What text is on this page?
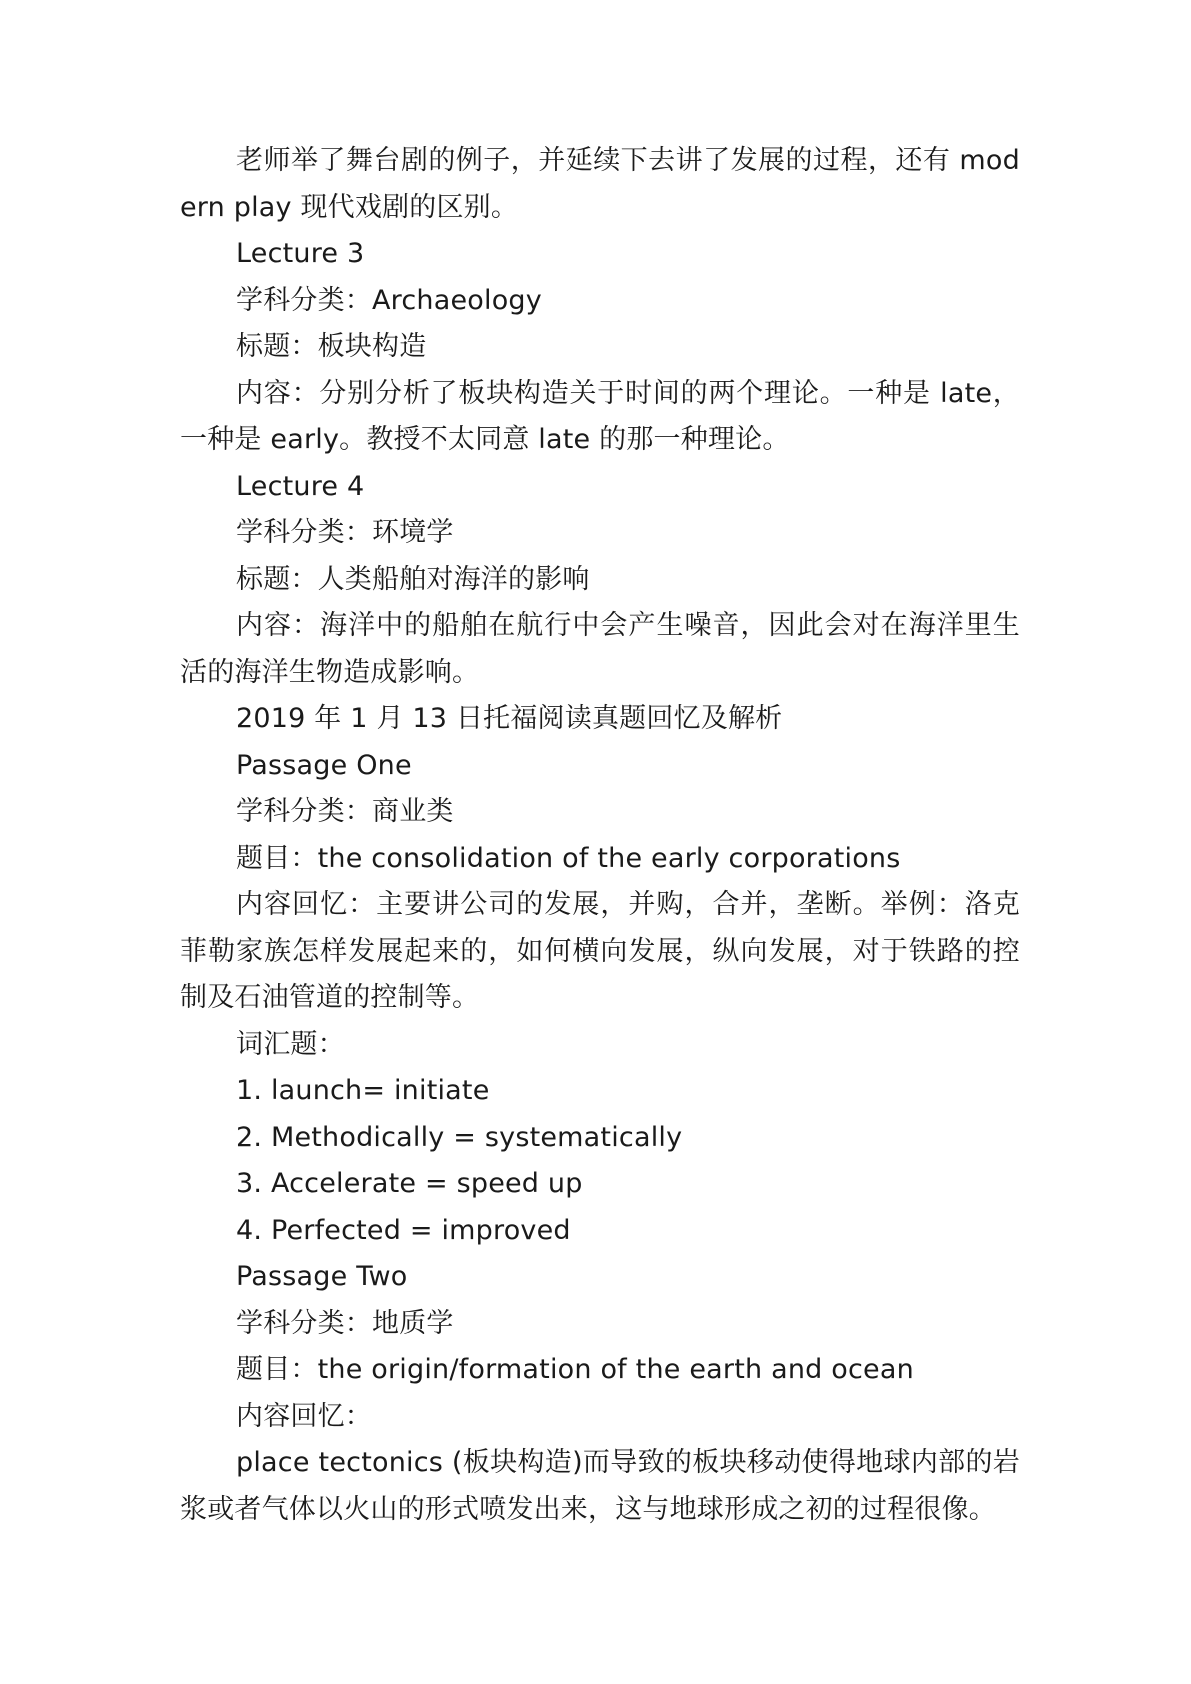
老师举了舞台剧的例子，并延续下去讲了发展的过程，还有 modern play 现代戏剧的区别。

Lecture 3

学科分类：Archaeology

标题：板块构造

内容：分别分析了板块构造关于时间的两个理论。一种是 late，一种是 early。教授不太同意 late 的那一种理论。

Lecture 4

学科分类：环境学

标题：人类船舶对海洋的影响

内容：海洋中的船舶在航行中会产生噪音，因此会对在海洋里生活的海洋生物造成影响。

2019 年 1 月 13 日托福阅读真题回忆及解析

Passage One

学科分类：商业类

题目：the consolidation of the early corporations

内容回忆：主要讲公司的发展，并购，合并，垄断。举例：洛克菲勒家族怎样发展起来的，如何横向发展，纵向发展，对于铁路的控制及石油管道的控制等。

词汇题：

1. launch= initiate

2. Methodically = systematically

3. Accelerate = speed up

4. Perfected = improved

Passage Two

学科分类：地质学

题目：the origin/formation of the earth and ocean

内容回忆：

place tectonics (板块构造)而导致的板块移动使得地球内部的岩浆或者气体以火山的形式喷发出来，这与地球形成之初的过程很像。
